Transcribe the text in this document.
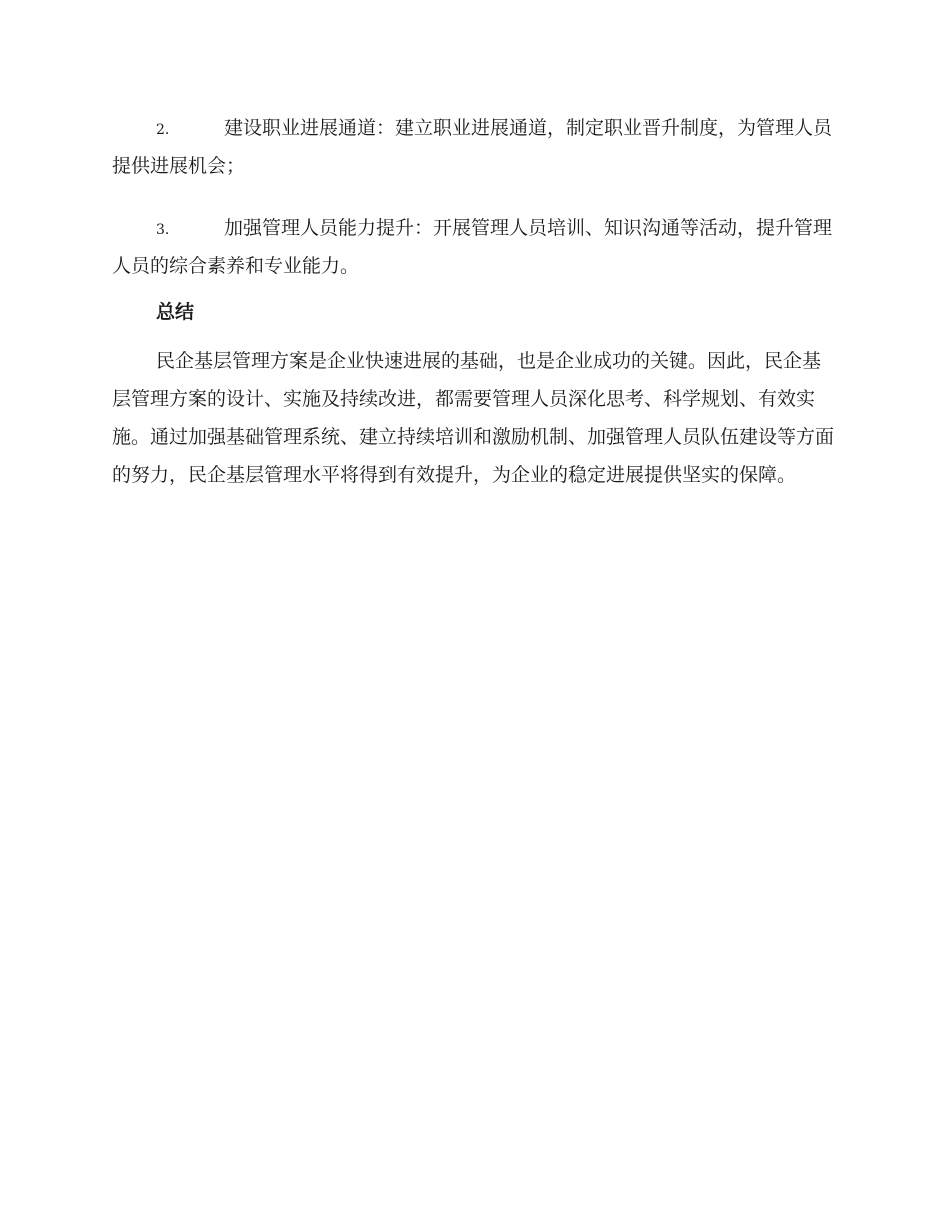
2.	建设职业进展通道：建立职业进展通道，制定职业晋升制度，为管理人员提供进展机会；

3.	加强管理人员能力提升：开展管理人员培训、知识沟通等活动，提升管理人员的综合素养和专业能力。

总结

民企基层管理方案是企业快速进展的基础，也是企业成功的关键。因此，民企基层管理方案的设计、实施及持续改进，都需要管理人员深化思考、科学规划、有效实施。通过加强基础管理系统、建立持续培训和激励机制、加强管理人员队伍建设等方面的努力，民企基层管理水平将得到有效提升，为企业的稳定进展提供坚实的保障。
